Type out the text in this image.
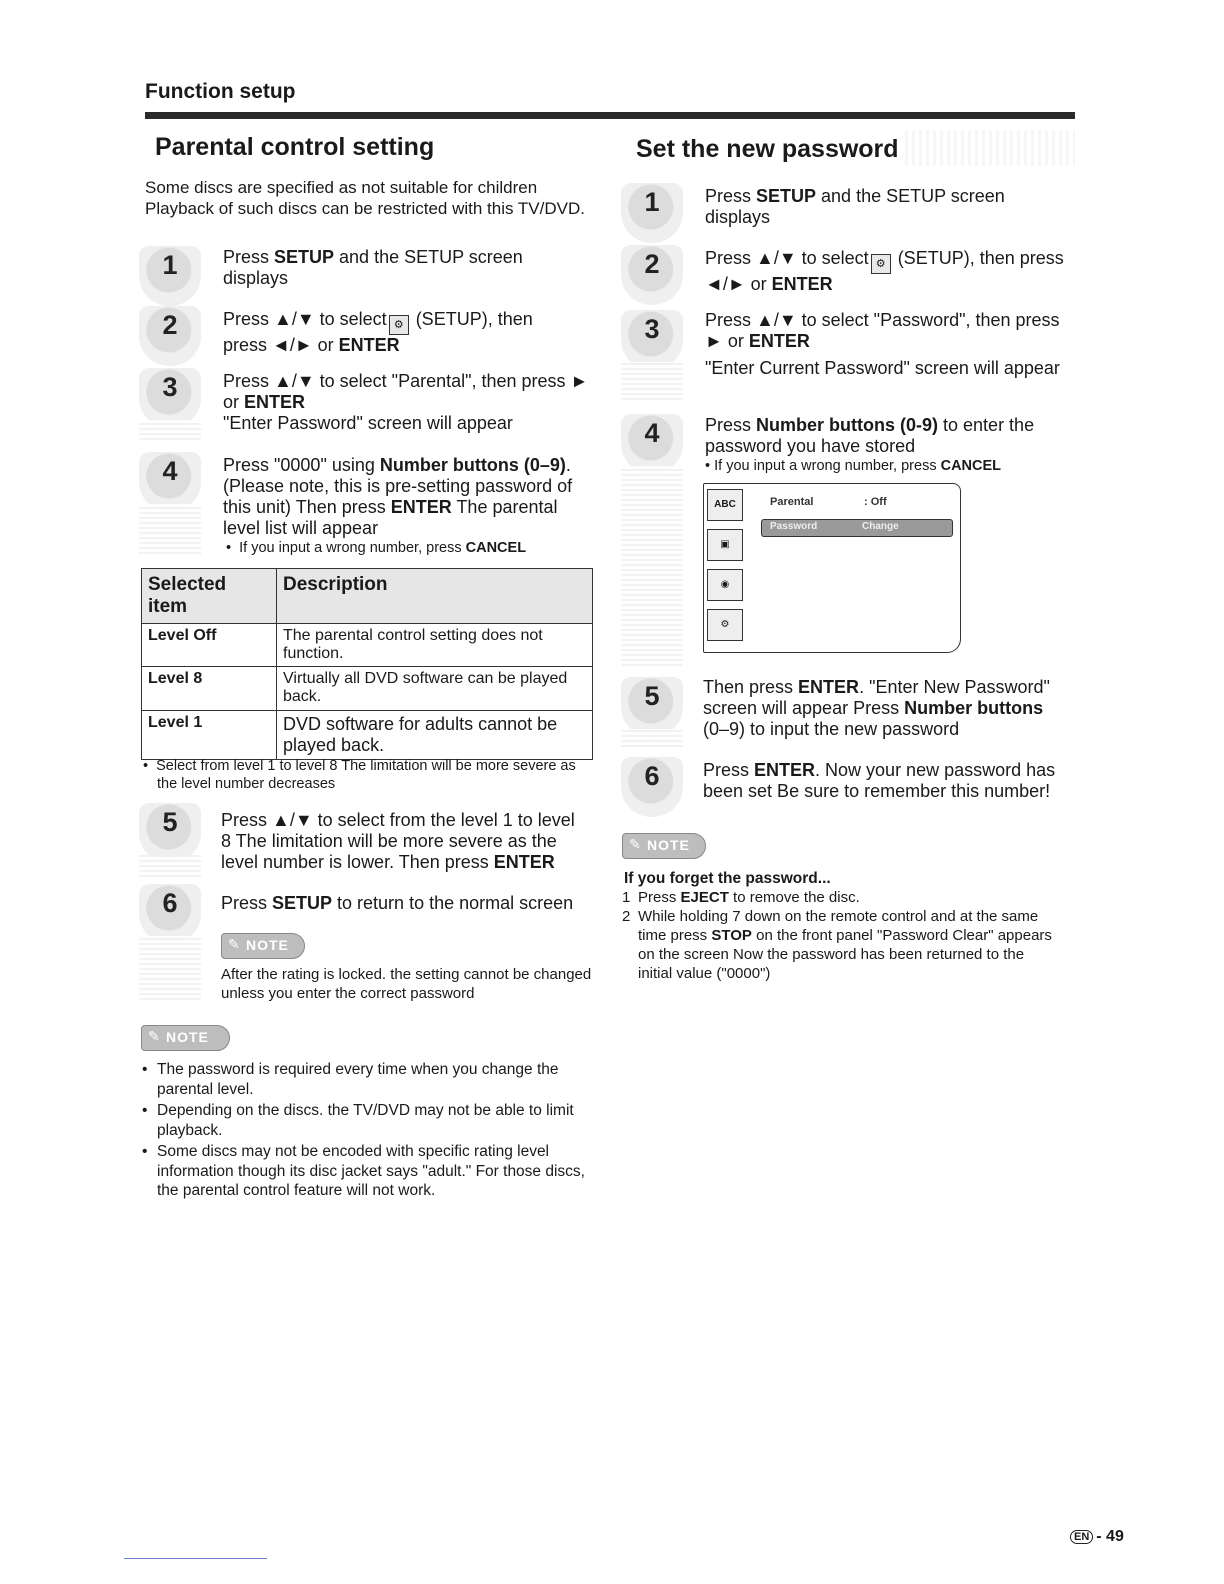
Function setup

Parental control setting

Some discs are specified as not suitable for children Playback of such discs can be restricted with this TV/DVD.

1	Press SETUP and the SETUP screen displays

2	Press ▲/▼ to select ⚙ (SETUP), then press ◄/► or ENTER

3	Press ▲/▼ to select "Parental", then press ► or ENTER
"Enter Password" screen will appear

4	Press "0000" using Number buttons (0–9). (Please note, this is pre-setting password of this unit) Then press ENTER The parental level list will appear

•  If you input a wrong number, press CANCEL

Selected item	Description
Level Off	The parental control setting does not function.
Level 8	Virtually all DVD software can be played back.
Level 1	DVD software for adults cannot be played back.

•  Select from level 1 to level 8 The limitation will be more severe as the level number decreases

5 Press ▲/▼ to select from the level 1 to level 8 The limitation will be more severe as the level number is lower. Then press ENTER

6 Press SETUP to return to the normal screen

✎ NOTE

After the rating is locked. the setting cannot be changed unless you enter the correct password

✎ NOTE
• The password is required every time when you change the parental level.
• Depending on the discs. the TV/DVD may not be able to limit playback.
• Some discs may not be encoded with specific rating level information though its disc jacket says "adult." For those discs, the parental control feature will not work.
Set the new password
1	Press SETUP and the SETUP screen displays

2	Press ▲/▼ to select ⚙ (SETUP), then press ◄/► or ENTER

3	Press ▲/▼ to select "Password", then press ► or ENTER
"Enter Current Password" screen will appear

4	Press Number buttons (0-9) to enter the password you have stored

• If you input a wrong number, press CANCEL

ABC
▣
◉
⚙
Parental	: Off
Password	Change
5 Then press ENTER. "Enter New Password" screen will appear Press Number buttons (0–9) to input the new password

6 Press ENTER. Now your new password has been set Be sure to remember this number!

✎ NOTE

If you forget the password...

1 Press EJECT to remove the disc.
2 While holding 7 down on the remote control and at the same time press STOP on the front panel "Password Clear" appears on the screen Now the password has been returned to the initial value ("0000")
EN - 49
